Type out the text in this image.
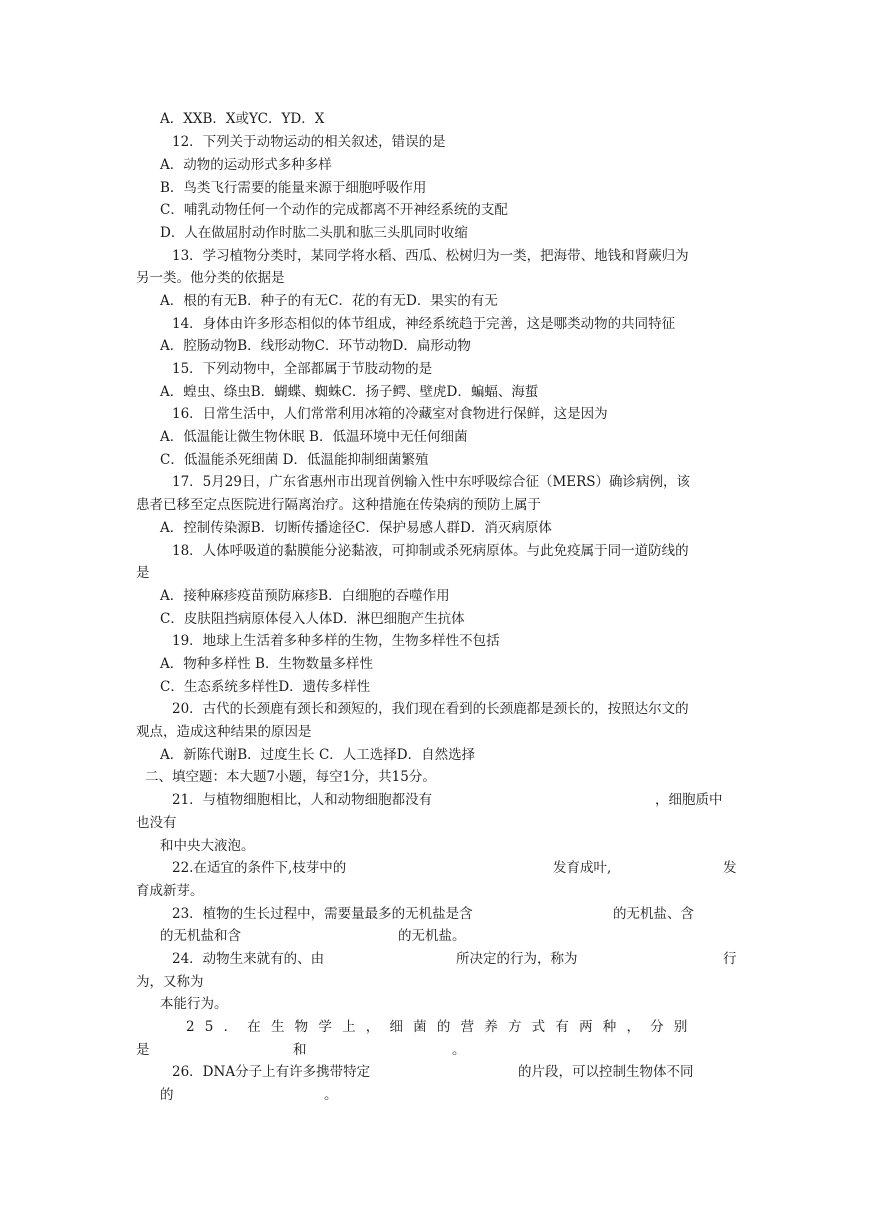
A．XXB．X或YC．YD．X
12．下列关于动物运动的相关叙述，错误的是
A．动物的运动形式多种多样
B．鸟类飞行需要的能量来源于细胞呼吸作用
C．哺乳动物任何一个动作的完成都离不开神经系统的支配
D．人在做屈肘动作时肱二头肌和肱三头肌同时收缩
13．学习植物分类时，某同学将水稻、西瓜、松树归为一类，把海带、地钱和肾蕨归为
另一类。他分类的依据是
A．根的有无B．种子的有无C．花的有无D．果实的有无
14．身体由许多形态相似的体节组成，神经系统趋于完善，这是哪类动物的共同特征
A．腔肠动物B．线形动物C．环节动物D．扁形动物
15．下列动物中，全部都属于节肢动物的是
A．蝗虫、绦虫B．蝴蝶、蜘蛛C．扬子鳄、壁虎D．蝙蝠、海蜇
16．日常生活中，人们常常利用冰箱的冷藏室对食物进行保鲜，这是因为
A．低温能让微生物休眠 B．低温环境中无任何细菌
C．低温能杀死细菌 D．低温能抑制细菌繁殖
17．5月29日，广东省惠州市出现首例输入性中东呼吸综合征（MERS）确诊病例，该
患者已移至定点医院进行隔离治疗。这种措施在传染病的预防上属于
A．控制传染源B．切断传播途径C．保护易感人群D．消灭病原体
18．人体呼吸道的黏膜能分泌黏液，可抑制或杀死病原体。与此免疫属于同一道防线的
是
A．接种麻疹疫苗预防麻疹B．白细胞的吞噬作用
C．皮肤阻挡病原体侵入人体D．淋巴细胞产生抗体
19．地球上生活着多种多样的生物，生物多样性不包括
A．物种多样性 B．生物数量多样性
C．生态系统多样性D．遗传多样性
20．古代的长颈鹿有颈长和颈短的，我们现在看到的长颈鹿都是颈长的，按照达尔文的
观点，造成这种结果的原因是
A．新陈代谢B．过度生长 C．人工选择D．自然选择
二、填空题：本大题7小题，每空1分，共15分。
21．与植物细胞相比，人和动物细胞都没有	，细胞质中
也没有
和中央大液泡。
22.在适宜的条件下,枝芽中的	发育成叶,	发
育成新芽。
23．植物的生长过程中，需要量最多的无机盐是含	的无机盐、含
的无机盐和含	的无机盐。
24．动物生来就有的、由	所决定的行为，称为	行
为，又称为
本能行为。
25．在生物学上，细菌的营养方式有两种，分别
是	和	。
26．DNA分子上有许多携带特定	的片段，可以控制生物体不同
的	。
